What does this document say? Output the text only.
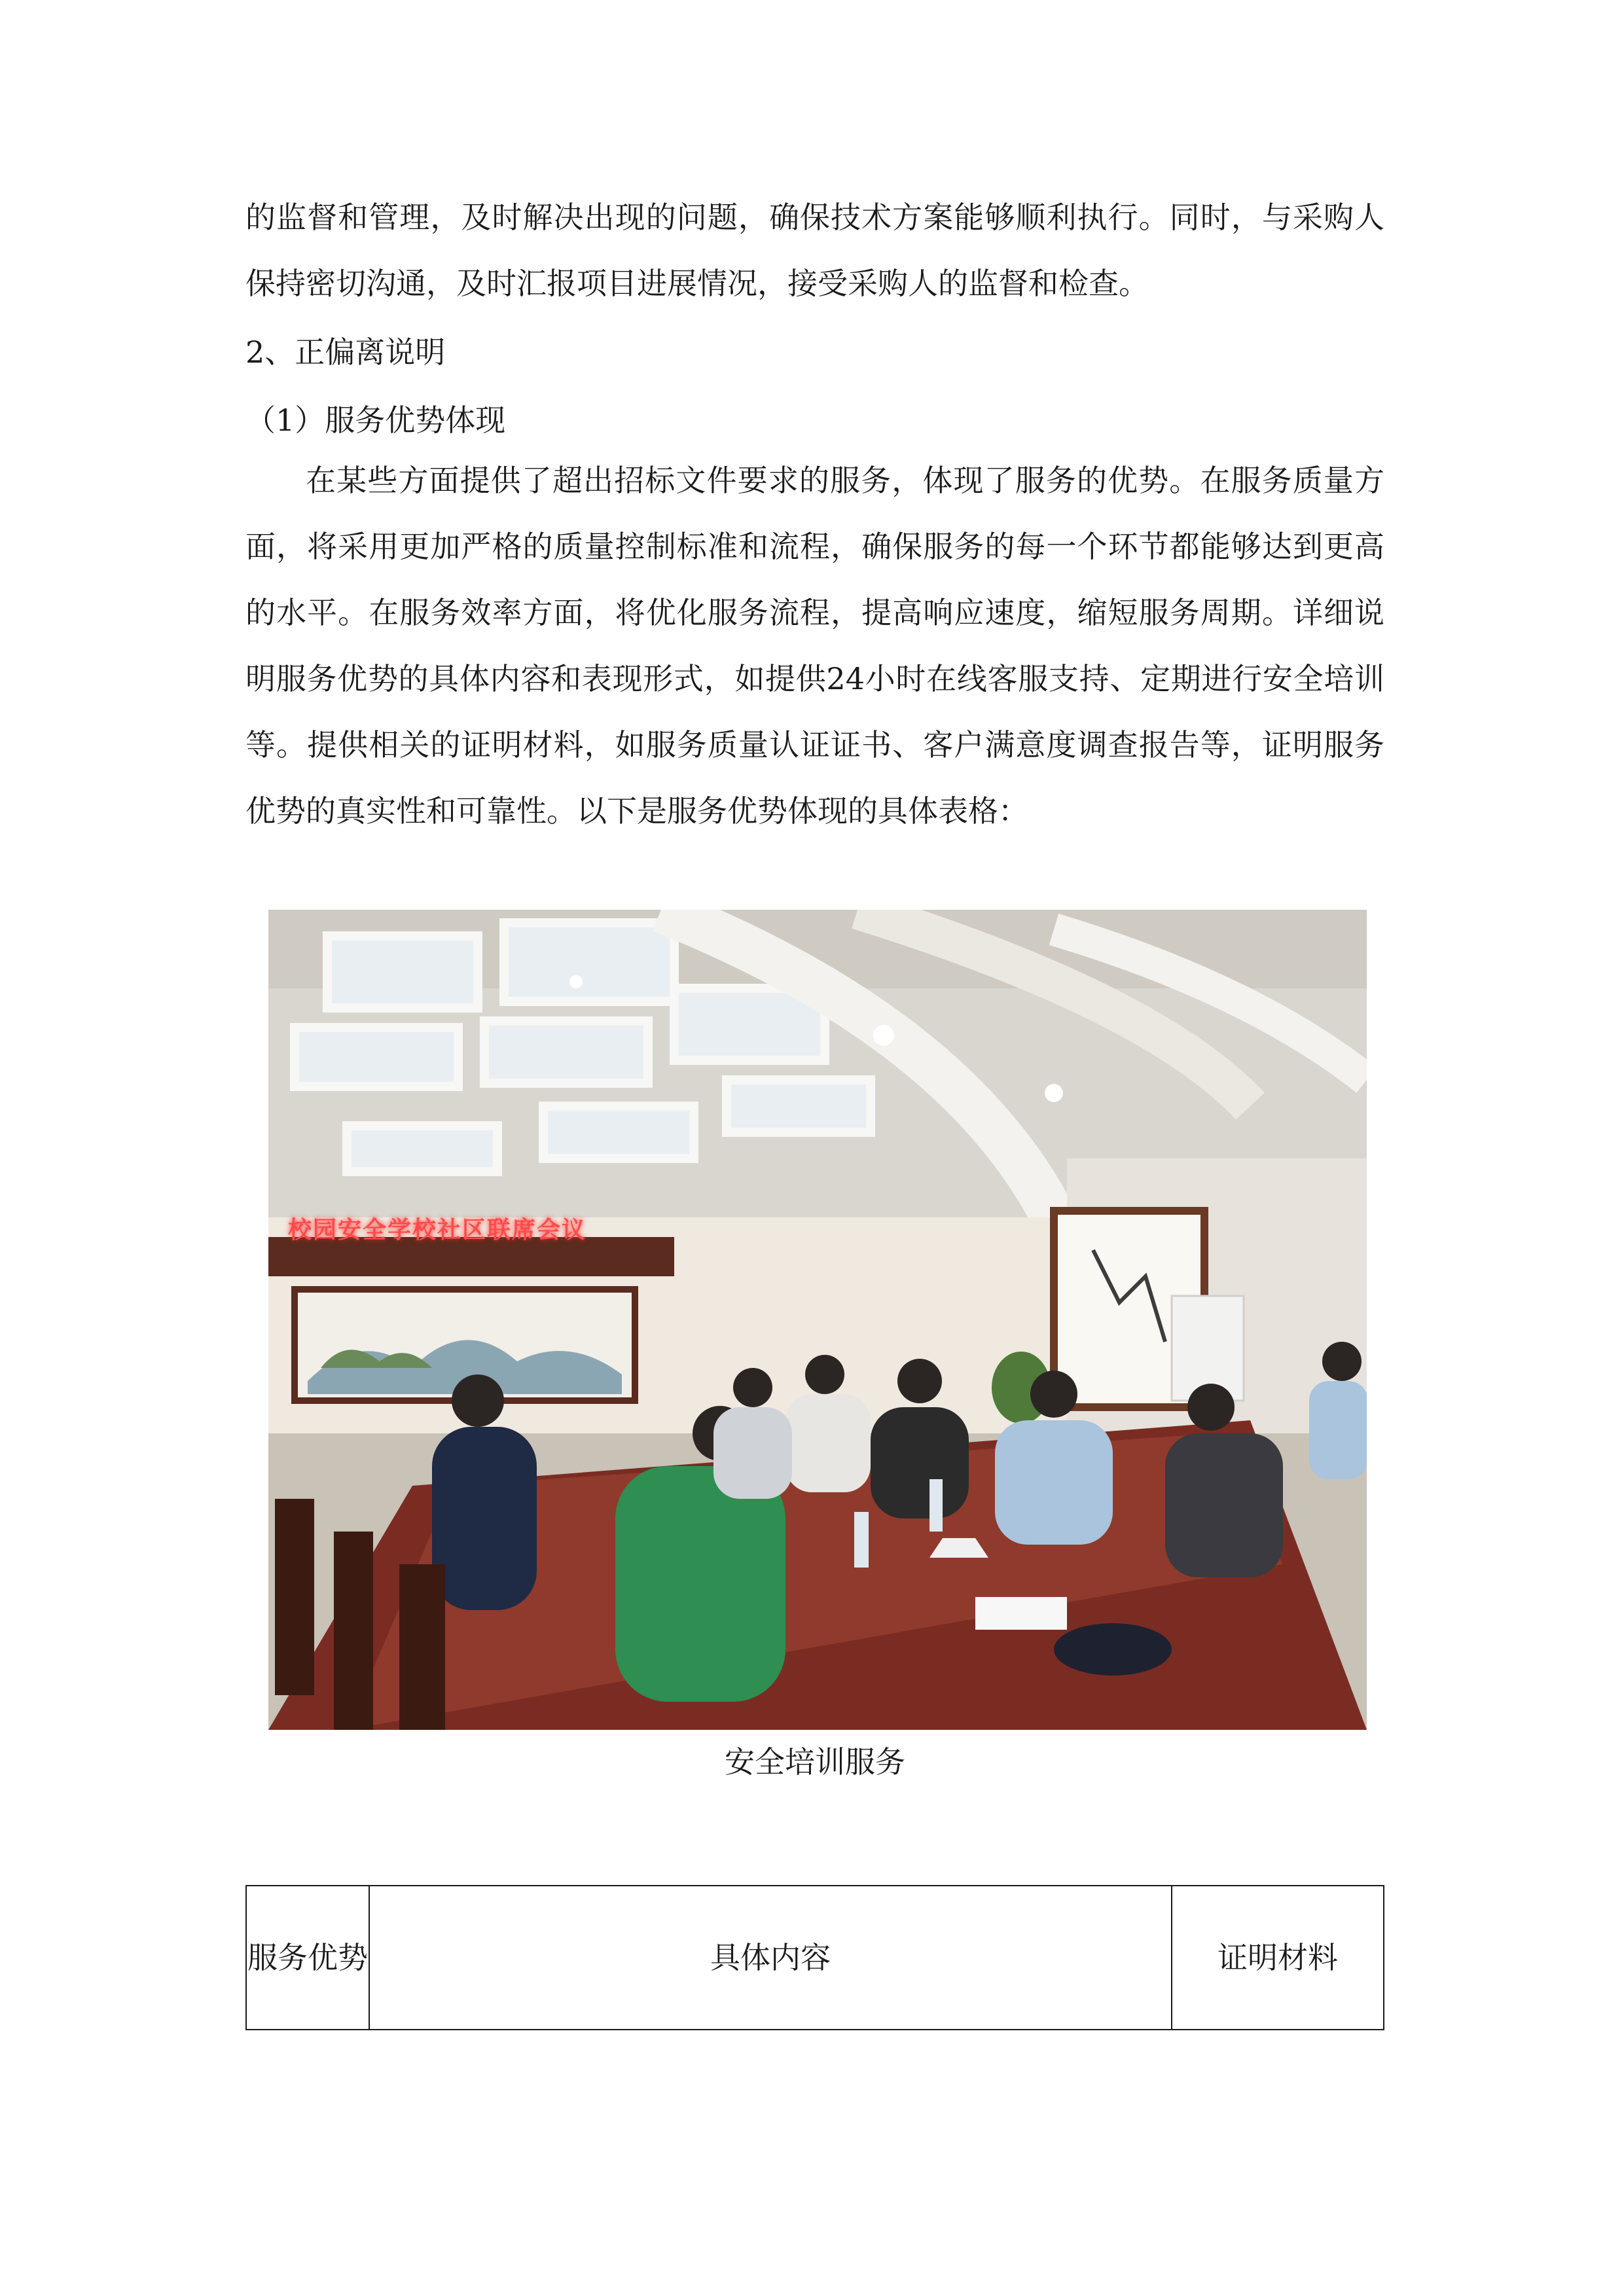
的监督和管理，及时解决出现的问题，确保技术方案能够顺利执行。同时，与采购人保持密切沟通，及时汇报项目进展情况，接受采购人的监督和检查。

2、正偏离说明

（1）服务优势体现

在某些方面提供了超出招标文件要求的服务，体现了服务的优势。在服务质量方面，将采用更加严格的质量控制标准和流程，确保服务的每一个环节都能够达到更高的水平。在服务效率方面，将优化服务流程，提高响应速度，缩短服务周期。详细说明服务优势的具体内容和表现形式，如提供24小时在线客服支持、定期进行安全培训等。提供相关的证明材料，如服务质量认证证书、客户满意度调查报告等，证明服务优势的真实性和可靠性。以下是服务优势体现的具体表格：

校园安全学校社区联席会议

安全培训服务

服务优势	具体内容	证明材料
